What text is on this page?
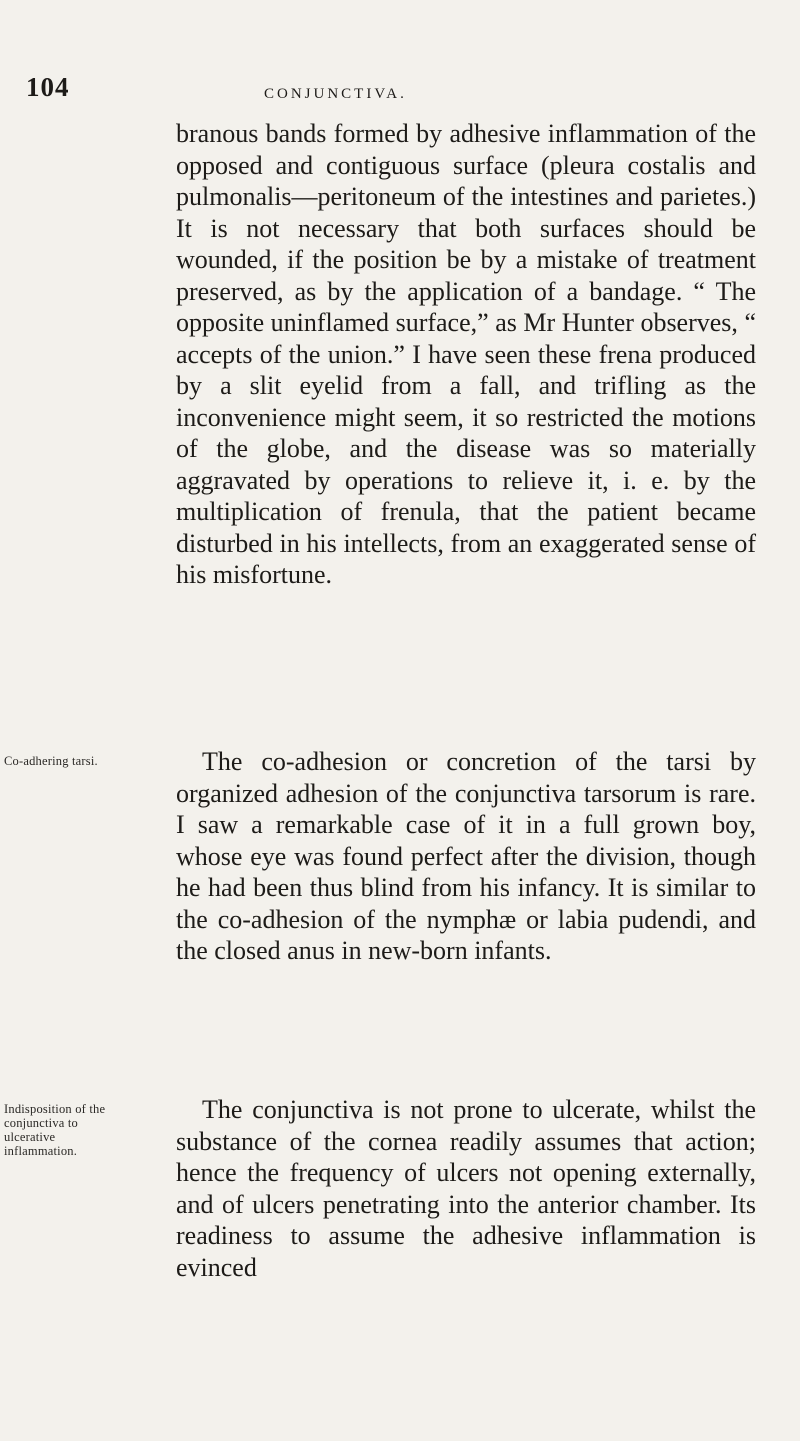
104	CONJUNCTIVA.

branous bands formed by adhesive inflammation of the opposed and contiguous surface (pleura costalis and pulmonalis—peritoneum of the intestines and parietes.) It is not necessary that both surfaces should be wounded, if the position be by a mistake of treatment preserved, as by the application of a bandage. “ The opposite uninflamed surface,” as Mr Hunter observes, “ accepts of the union.” I have seen these frena produced by a slit eyelid from a fall, and trifling as the inconvenience might seem, it so restricted the motions of the globe, and the disease was so materially aggravated by operations to relieve it, i. e. by the multiplication of frenula, that the patient became disturbed in his intellects, from an exaggerated sense of his misfortune.

Co-adhering tarsi.	The co-adhesion or concretion of the tarsi by organized adhesion of the conjunctiva tarsorum is rare. I saw a remarkable case of it in a full grown boy, whose eye was found perfect after the division, though he had been thus blind from his infancy. It is similar to the co-adhesion of the nymphæ or labia pudendi, and the closed anus in new-born infants.

Indisposition of the conjunctiva to ulcerative inflammation.

The conjunctiva is not prone to ulcerate, whilst the substance of the cornea readily assumes that action; hence the frequency of ulcers not opening externally, and of ulcers penetrating into the anterior chamber. Its readiness to assume the adhesive inflammation is evinced
